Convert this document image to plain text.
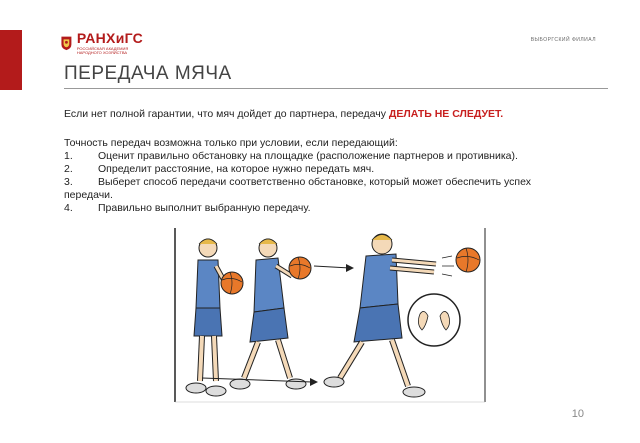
РАНХиГС
РОССИЙСКАЯ АКАДЕМИЯ НАРОДНОГО ХОЗЯЙСТВА
ВЫБОРГСКИЙ ФИЛИАЛ
ПЕРЕДАЧА МЯЧА
Если нет полной гарантии, что мяч дойдет до партнера, передачу ДЕЛАТЬ НЕ СЛЕДУЕТ.
Точность передач возможна только при условии, если передающий:
1.	Оценит правильно обстановку на площадке (расположение партнеров и противника).
2.	Определит расстояние, на которое нужно передать мяч.
3.	Выберет способ передачи соответственно обстановке, который может обеспечить успех
передачи.
4.	Правильно выполнит выбранную передачу.
10
